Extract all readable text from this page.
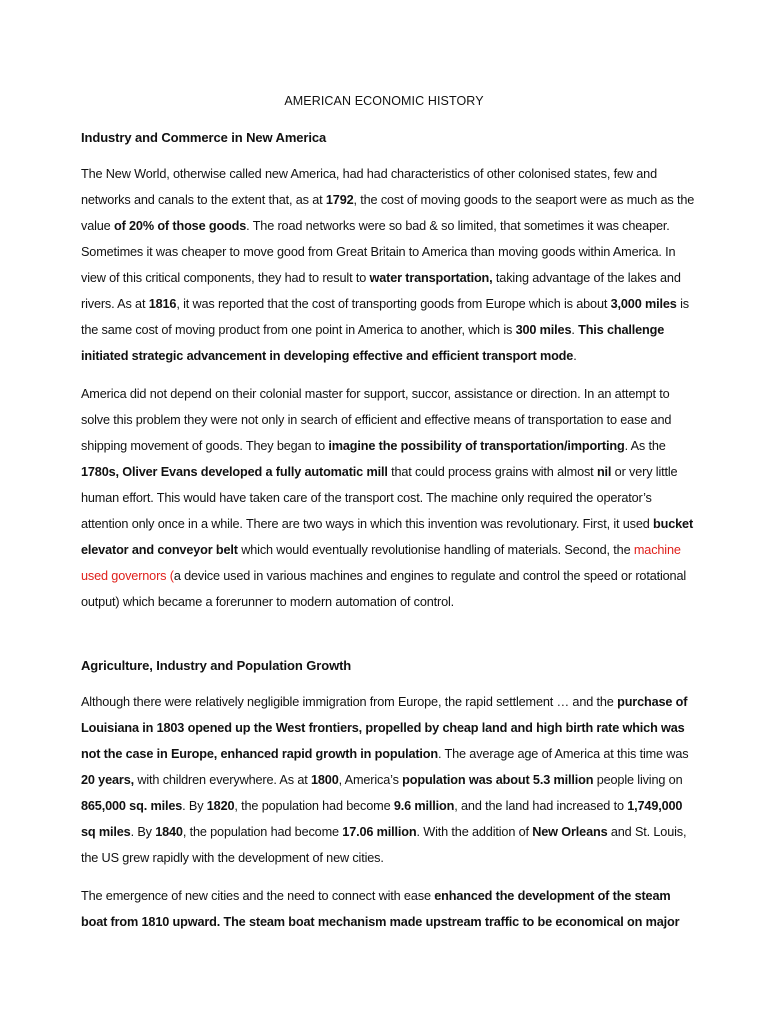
AMERICAN ECONOMIC HISTORY
Industry and Commerce in New America

The New World, otherwise called new America, had had characteristics of other colonised states, few and networks and canals to the extent that, as at 1792, the cost of moving goods to the seaport were as much as the value of 20% of those goods. The road networks were so bad & so limited, that sometimes it was cheaper. Sometimes it was cheaper to move good from Great Britain to America than moving goods within America. In view of this critical components, they had to result to water transportation, taking advantage of the lakes and rivers. As at 1816, it was reported that the cost of transporting goods from Europe which is about 3,000 miles is the same cost of moving product from one point in America to another, which is 300 miles. This challenge initiated strategic advancement in developing effective and efficient transport mode.

America did not depend on their colonial master for support, succor, assistance or direction. In an attempt to solve this problem they were not only in search of efficient and effective means of transportation to ease and shipping movement of goods. They began to imagine the possibility of transportation/importing. As the 1780s, Oliver Evans developed a fully automatic mill that could process grains with almost nil or very little human effort. This would have taken care of the transport cost. The machine only required the operator’s attention only once in a while. There are two ways in which this invention was revolutionary. First, it used bucket elevator and conveyor belt which would eventually revolutionise handling of materials. Second, the machine used governors (a device used in various machines and engines to regulate and control the speed or rotational output) which became a forerunner to modern automation of control.

Agriculture, Industry and Population Growth

Although there were relatively negligible immigration from Europe, the rapid settlement … and the purchase of Louisiana in 1803 opened up the West frontiers, propelled by cheap land and high birth rate which was not the case in Europe, enhanced rapid growth in population. The average age of America at this time was 20 years, with children everywhere. As at 1800, America’s population was about 5.3 million people living on 865,000 sq. miles. By 1820, the population had become 9.6 million, and the land had increased to 1,749,000 sq miles. By 1840, the population had become 17.06 million. With the addition of New Orleans and St. Louis, the US grew rapidly with the development of new cities.

The emergence of new cities and the need to connect with ease enhanced the development of the steam boat from 1810 upward. The steam boat mechanism made upstream traffic to be economical on major
